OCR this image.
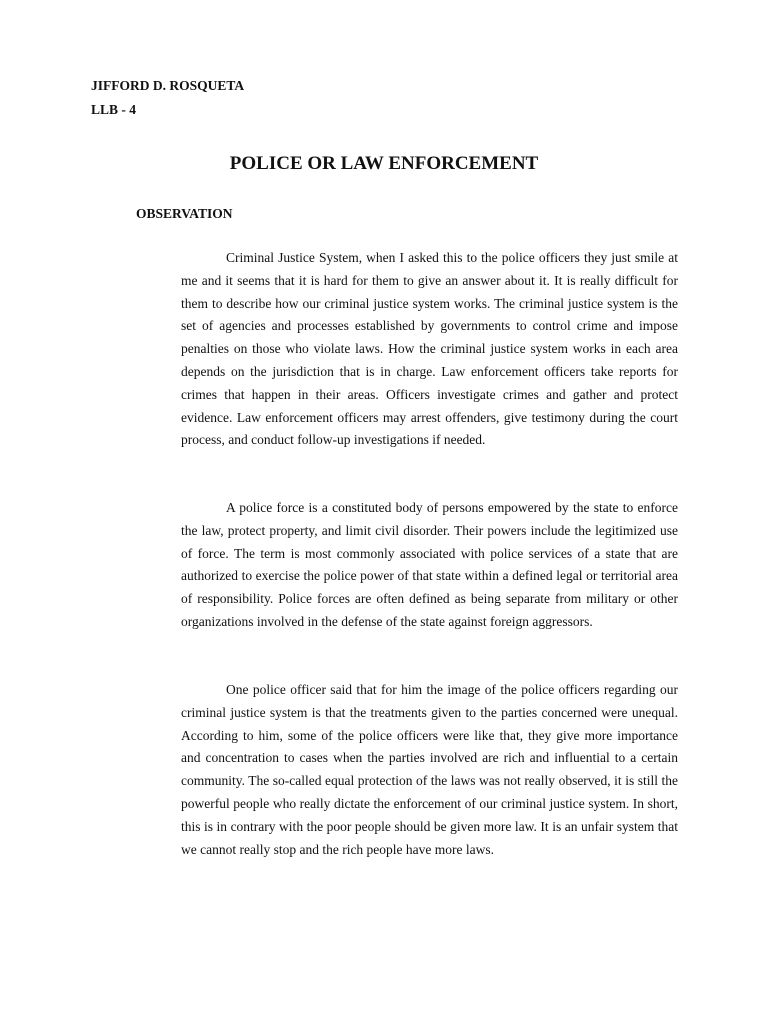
JIFFORD D. ROSQUETA
LLB - 4
POLICE OR LAW ENFORCEMENT
OBSERVATION

Criminal Justice System, when I asked this to the police officers they just smile at me and it seems that it is hard for them to give an answer about it. It is really difficult for them to describe how our criminal justice system works. The criminal justice system is the set of agencies and processes established by governments to control crime and impose penalties on those who violate laws. How the criminal justice system works in each area depends on the jurisdiction that is in charge. Law enforcement officers take reports for crimes that happen in their areas. Officers investigate crimes and gather and protect evidence. Law enforcement officers may arrest offenders, give testimony during the court process, and conduct follow-up investigations if needed.

A police force is a constituted body of persons empowered by the state to enforce the law, protect property, and limit civil disorder. Their powers include the legitimized use of force. The term is most commonly associated with police services of a state that are authorized to exercise the police power of that state within a defined legal or territorial area of responsibility. Police forces are often defined as being separate from military or other organizations involved in the defense of the state against foreign aggressors.

One police officer said that for him the image of the police officers regarding our criminal justice system is that the treatments given to the parties concerned were unequal. According to him, some of the police officers were like that, they give more importance and concentration to cases when the parties involved are rich and influential to a certain community. The so-called equal protection of the laws was not really observed, it is still the powerful people who really dictate the enforcement of our criminal justice system. In short, this is in contrary with the poor people should be given more law. It is an unfair system that we cannot really stop and the rich people have more laws.
